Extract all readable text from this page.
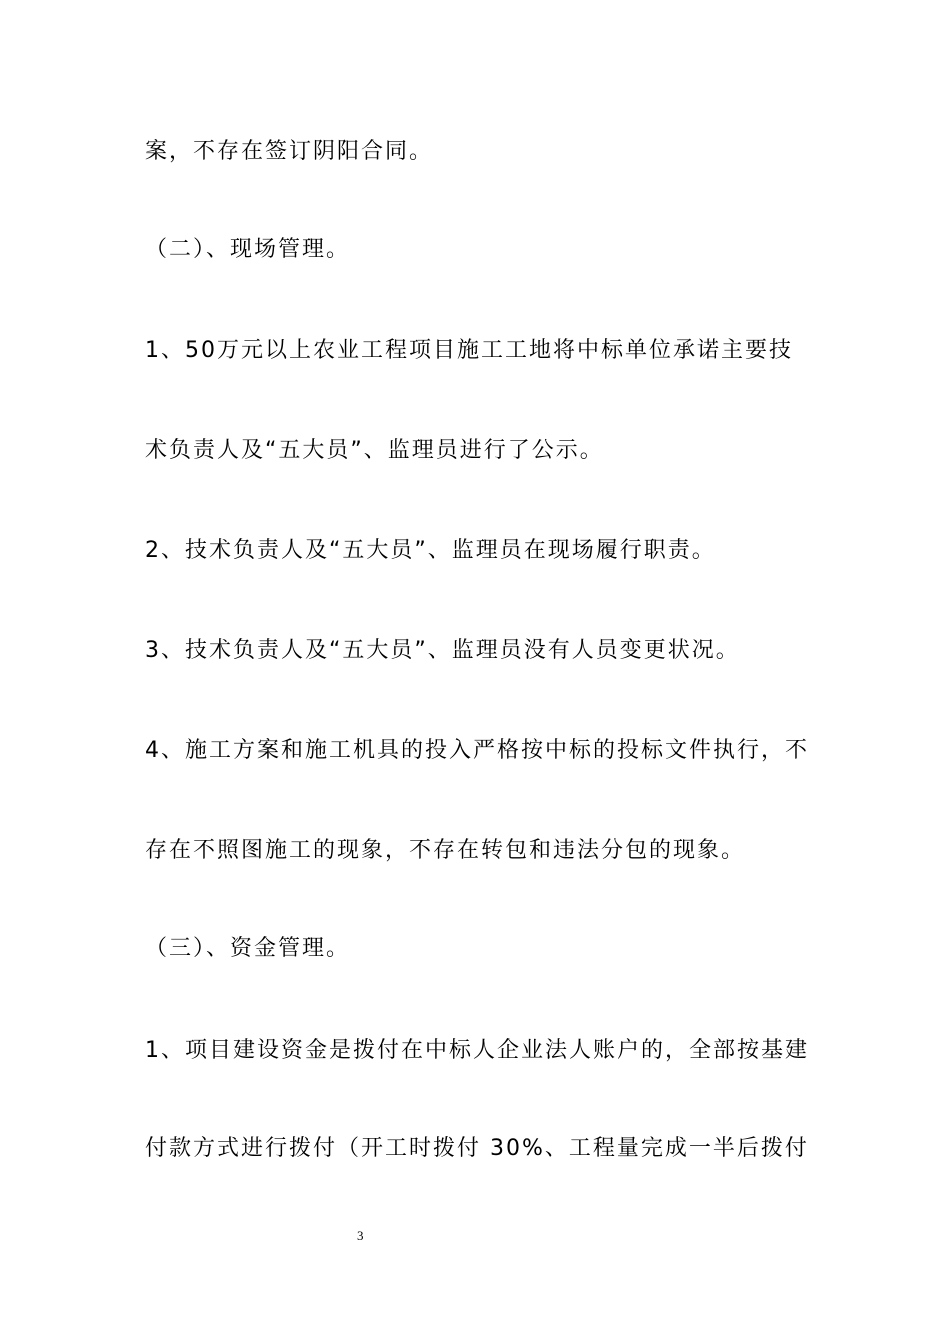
案，不存在签订阴阳合同。
（二）、现场管理。
1、50万元以上农业工程项目施工工地将中标单位承诺主要技
术负责人及“五大员”、监理员进行了公示。
2、技术负责人及“五大员”、监理员在现场履行职责。
3、技术负责人及“五大员”、监理员没有人员变更状况。
4、施工方案和施工机具的投入严格按中标的投标文件执行，不
存在不照图施工的现象，不存在转包和违法分包的现象。
（三）、资金管理。
1、项目建设资金是拨付在中标人企业法人账户的，全部按基建
付款方式进行拨付（开工时拨付 30%、工程量完成一半后拨付
3
